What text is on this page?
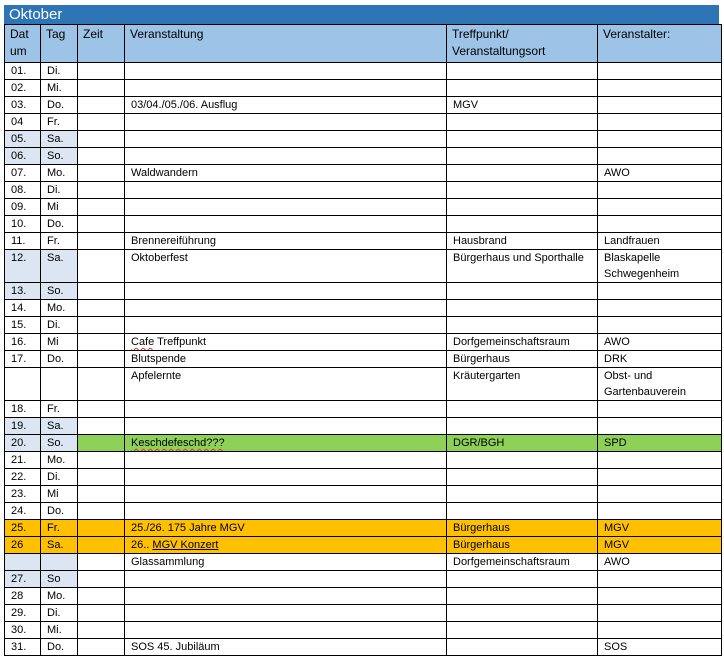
Oktober
Dat um	Tag	Zeit	Veranstaltung	Treffpunkt/ Veranstaltungsort	Veranstalter:
01.	Di.				
02.	Mi.				
03.	Do.		03/04./05./06. Ausflug	MGV	
04	Fr.				
05.	Sa.				
06.	So.				
07.	Mo.		Waldwandern		AWO
08.	Di.				
09.	Mi				
10.	Do.				
11.	Fr.		Brennereiführung	Hausbrand	Landfrauen
12.	Sa.		Oktoberfest	Bürgerhaus und Sporthalle	Blaskapelle Schwegenheim
13.	So.				
14.	Mo.				
15.	Di.				
16.	Mi		Cafe Treffpunkt	Dorfgemeinschaftsraum	AWO
17.	Do.		Blutspende	Bürgerhaus	DRK
			Apfelernte	Kräutergarten	Obst- und Gartenbauverein
18.	Fr.				
19.	Sa.				
20.	So.		Keschdefeschd???	DGR/BGH	SPD
21.	Mo.				
22.	Di.				
23.	Mi				
24.	Do.				
25.	Fr.		25./26. 175 Jahre MGV	Bürgerhaus	MGV
26	Sa.		26.. MGV Konzert	Bürgerhaus	MGV
			Glassammlung	Dorfgemeinschaftsraum	AWO
27.	So				
28	Mo.				
29.	Di.				
30.	Mi.				
31.	Do.		SOS 45. Jubiläum		SOS
